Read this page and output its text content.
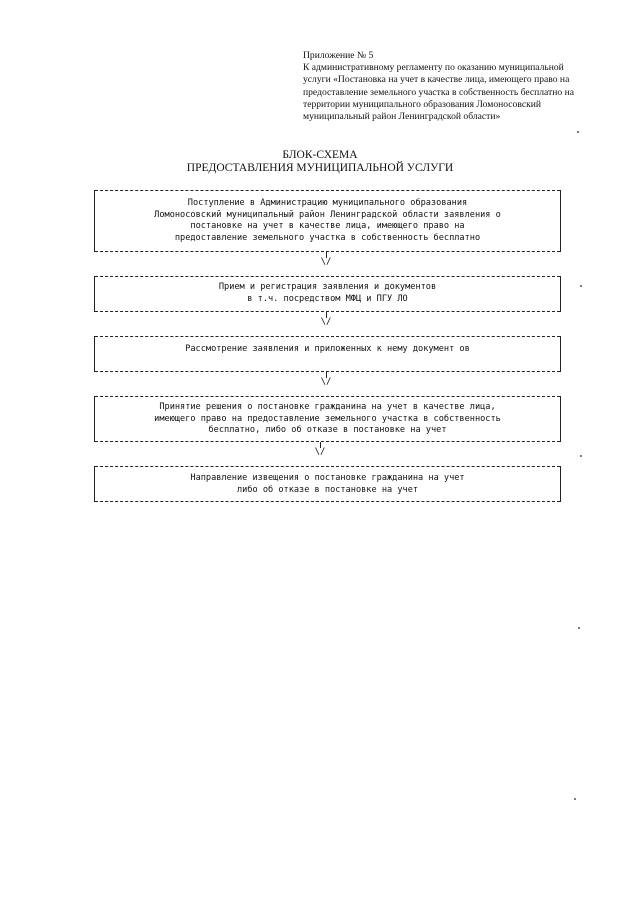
Приложение № 5
К административному регламенту по оказанию муниципальной
услуги «Постановка на учет в качестве лица, имеющего право на
предоставление земельного участка в собственность бесплатно на
территории муниципального образования Ломоносовский
муниципальный район Ленинградской области»
БЛОК-СХЕМА
ПРЕДОСТАВЛЕНИЯ МУНИЦИПАЛЬНОЙ УСЛУГИ
Поступление в Администрацию муниципального образования
Ломоносовский муниципальный район Ленинградской области заявления о
постановке на учет в качестве лица, имеющего право на
предоставление земельного участка в собственность бесплатно
\/
Прием и регистрация заявления и документов
в т.ч. посредством МФЦ и ПГУ ЛО
\/
Рассмотрение заявления и приложенных к нему документ ов
\/
Принятие решения о постановке гражданина на учет в качестве лица,
имеющего право на предоставление земельного участка в собственность
бесплатно, либо об отказе в постановке на учет
\/
Направление извещения о постановке гражданина на учет
либо об отказе в постановке на учет
